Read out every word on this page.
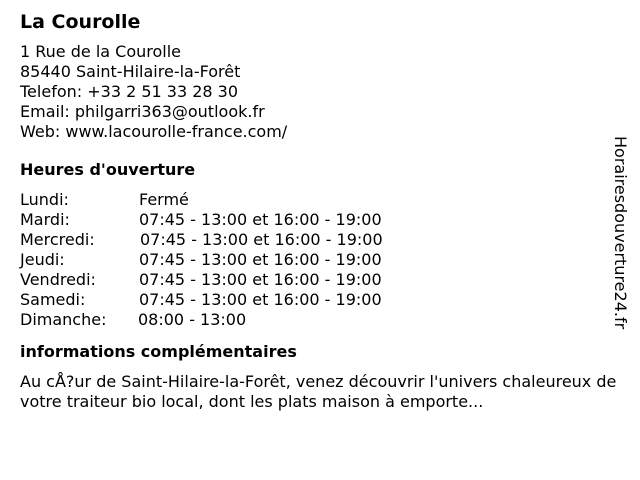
La Courolle
1 Rue de la Courolle
85440 Saint-Hilaire-la-Forêt
Telefon: +33 2 51 33 28 30
Email: philgarri363@outlook.fr
Web: www.lacourolle-france.com/
Heures d'ouverture
Lundi:	Fermé
Mardi:	07:45 - 13:00 et 16:00 - 19:00
Mercredi:	07:45 - 13:00 et 16:00 - 19:00
Jeudi:	07:45 - 13:00 et 16:00 - 19:00
Vendredi:	07:45 - 13:00 et 16:00 - 19:00
Samedi:	07:45 - 13:00 et 16:00 - 19:00
Dimanche:	08:00 - 13:00
informations complémentaires
Au cÅ?ur de Saint-Hilaire-la-Forêt, venez découvrir l'univers chaleureux de votre traiteur bio local, dont les plats maison à emporte...
Horairesdouverture24.fr
